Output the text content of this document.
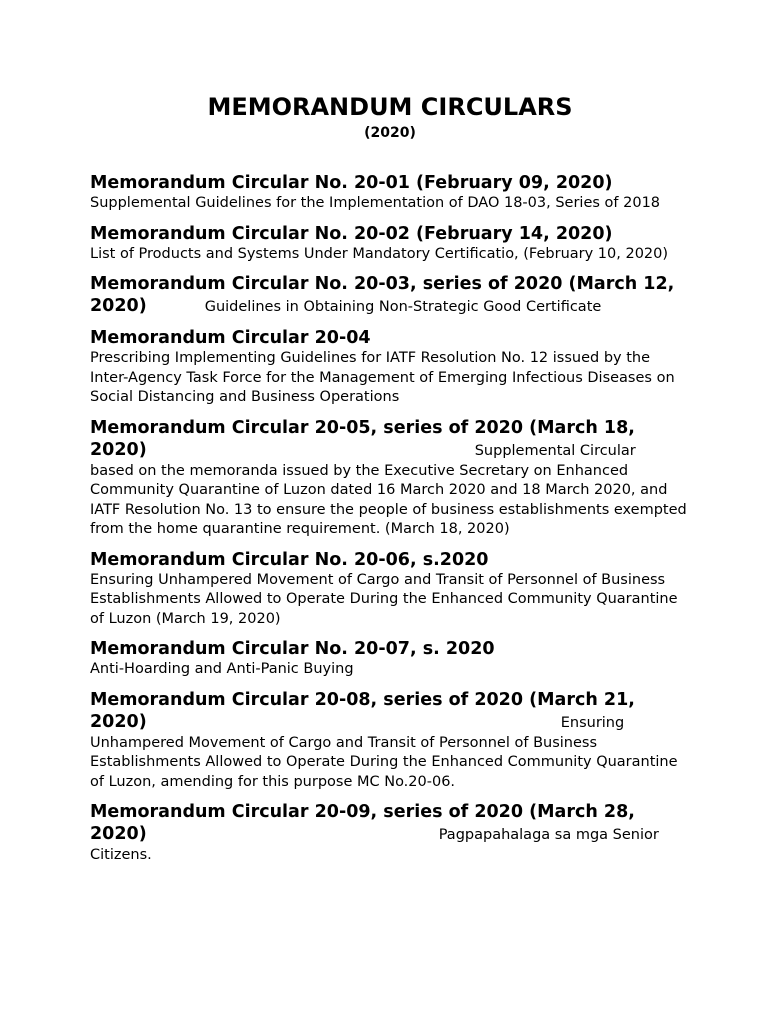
MEMORANDUM CIRCULARS
(2020)
Memorandum Circular No. 20-01 (February 09, 2020)
Supplemental Guidelines for the Implementation of DAO 18-03, Series of 2018
Memorandum Circular No. 20-02 (February 14, 2020)
List of Products and Systems Under Mandatory Certificatio, (February 10, 2020)
Memorandum Circular No. 20-03, series of 2020 (March 12,
2020)	Guidelines in Obtaining Non-Strategic Good Certificate
Memorandum Circular 20-04
Prescribing Implementing Guidelines for IATF Resolution No. 12 issued by the Inter-Agency Task Force for the Management of Emerging Infectious Diseases on Social Distancing and Business Operations
Memorandum Circular 20-05, series of 2020 (March 18,
2020)	Supplemental Circular
based on the memoranda issued by the Executive Secretary on Enhanced Community Quarantine of Luzon dated 16 March 2020 and 18 March 2020, and IATF Resolution No. 13 to ensure the people of business establishments exempted from the home quarantine requirement. (March 18, 2020)
Memorandum Circular No. 20-06, s.2020
Ensuring Unhampered Movement of Cargo and Transit of Personnel of Business Establishments Allowed to Operate During the Enhanced Community Quarantine of Luzon (March 19, 2020)
Memorandum Circular No. 20-07, s. 2020
Anti-Hoarding and Anti-Panic Buying
Memorandum Circular 20-08, series of 2020 (March 21,
2020)	Ensuring
Unhampered Movement of Cargo and Transit of Personnel of Business Establishments Allowed to Operate During the Enhanced Community Quarantine of Luzon, amending for this purpose MC No.20-06.
Memorandum Circular 20-09, series of 2020 (March 28,
2020)	Pagpapahalaga sa mga Senior
Citizens.
